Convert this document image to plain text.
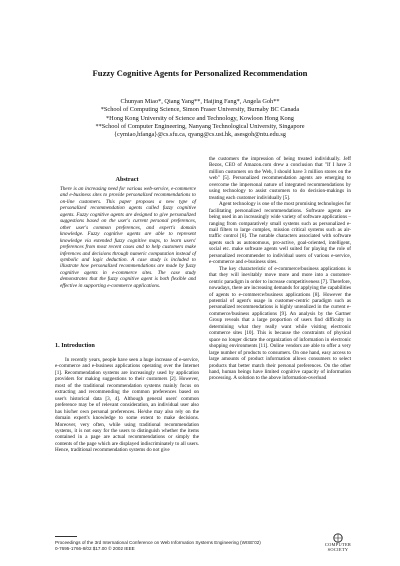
Fuzzy Cognitive Agents for Personalized Recommendation
Chunyan Miao*, Qiang Yang**, Haijing Fang*, Angela Goh**
*School of Computing Science, Simon Fraser University, Burnaby BC Canada
*Hong Kong University of Science and Technology, Kowloon Hong Kong
**School of Computer Engineering, Nanyang Technological University, Singapore
{cymiao,hfanga}@cs.sfu.ca, qyang@cs.ust.hk, asesgoh@ntu.edu.sg
Abstract
There is an increasing need for various web-service, e-commerce and e-business sites to provide personalized recommendations to on-line customers. This paper proposes a new type of personalized recommendation agents called fuzzy cognitive agents. Fuzzy cognitive agents are designed to give personalized suggestions based on the user's current personal preferences, other user's common preferences, and expert's domain knowledge. Fuzzy cognitive agents are able to represent knowledge via extended fuzzy cognitive maps, to learn users' preferences from most recent cases and to help customers make inferences and decisions through numeric computation instead of symbolic and logic deduction. A case study is included to illustrate how personalized recommendations are made by fuzzy cognitive agents in e-commerce sites. The case study demonstrates that the fuzzy cognitive agent is both flexible and effective in supporting e-commerce applications.
1. Introduction

In recently years, people have seen a huge increase of e-service, e-commerce and e-business applications operating over the Internet [1]. Recommendation systems are increasingly used by application providers for making suggestions to their customers [2]. However, most of the traditional recommendation systems mainly focus on extracting and recommending the common preferences based on user's historical data [3, 4]. Although general users' common preference may be of relevant consideration, an individual user also has his/her own personal preferences. He/she may also rely on the domain expert's knowledge to some extent to make decisions. Moreover, very often, while using traditional recommendation systems, it is not easy for the users to distinguish whether the items contained in a page are actual recommendations or simply the contents of the page which are displayed indiscriminately to all users. Hence, traditional recommendation systems do not give

the customers the impression of being treated individually. Jeff Bezos, CEO of Amazon.com drew a conclusion that "If I have 3 million customers on the Web, I should have 3 million stores on the web" [5]. Personalized recommendation agents are emerging to overcome the impersonal nature of integrated recommendations by using technology to assist customers to do decision-makings in treating each customer individually [5].

Agent technology is one of the most promising technologies for facilitating personalized recommendations. Software agents are being used in an increasingly wide variety of software applications – ranging from comparatively small systems such as personalized e-mail filters to large complex, mission critical systems such as air-traffic control [6]. The notable characters associated with software agents such as autonomous, pro-active, goal-oriented, intelligent, social etc. make software agents well suited for playing the role of personalized recommender to individual users of various e-service, e-commerce and e-business sites.

The key characteristic of e-commerce/business applications is that they will inevitably move more and more into a customer-centric paradigm in order to increase competitiveness [7]. Therefore, nowadays, there are increasing demands for applying the capabilities of agents to e-commerce/business applications [8]. However the potential of agent's usage in customer-centric paradigm such as personalized recommendations is highly unrealized in the current e-commerce/business applications [9]. An analysis by the Gartner Group reveals that a large proportion of users find difficulty in determining what they really want while visiting electronic commerce sites [10]. This is because the constraints of physical space no longer dictate the organization of information in electronic shopping environments [11]. Online vendors are able to offer a very large number of products to consumers. On one hand, easy access to large amounts of product information allows consumers to select products that better match their personal preferences. On the other hand, human beings have limited cognitive capacity of information processing. A solution to the above information-overload

Proceedings of the 3rd International Conference on Web Information Systems Engineering (WISE'02)
0-7695-1766-8/02 $17.00 © 2002 IEEE
COMPUTER
SOCIETY
